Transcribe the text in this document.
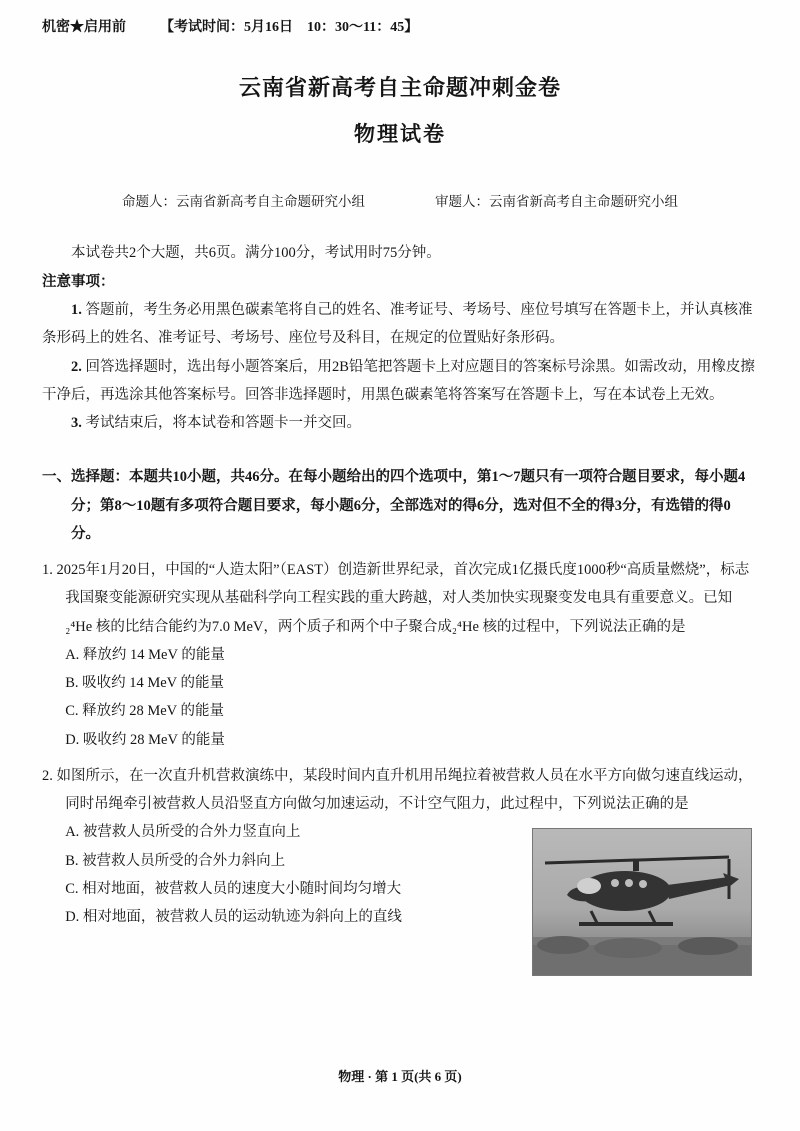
机密★启用前 【考试时间：5月16日　10：30～11：45】
云南省新高考自主命题冲刺金卷
物理试卷
命题人：云南省新高考自主命题研究小组	审题人：云南省新高考自主命题研究小组
本试卷共2个大题，共6页。满分100分，考试用时75分钟。
注意事项：
1. 答题前，考生务必用黑色碳素笔将自己的姓名、准考证号、考场号、座位号填写在答题卡上，并认真核准条形码上的姓名、准考证号、考场号、座位号及科目，在规定的位置贴好条形码。
2. 回答选择题时，选出每小题答案后，用2B铅笔把答题卡上对应题目的答案标号涂黑。如需改动，用橡皮擦干净后，再选涂其他答案标号。回答非选择题时，用黑色碳素笔将答案写在答题卡上，写在本试卷上无效。
3. 考试结束后，将本试卷和答题卡一并交回。
一、选择题：本题共10小题，共46分。在每小题给出的四个选项中，第1～7题只有一项符合题目要求，每小题4分；第8～10题有多项符合题目要求，每小题6分，全部选对的得6分，选对但不全的得3分，有选错的得0分。
1. 2025年1月20日，中国的“人造太阳”（EAST）创造新世界纪录，首次完成1亿摄氏度1000秒“高质量燃烧”，标志我国聚变能源研究实现从基础科学向工程实践的重大跨越，对人类加快实现聚变发电具有重要意义。已知₂⁴He 核的比结合能约为7.0 MeV，两个质子和两个中子聚合成₂⁴He 核的过程中，下列说法正确的是
A. 释放约 14 MeV 的能量
B. 吸收约 14 MeV 的能量
C. 释放约 28 MeV 的能量
D. 吸收约 28 MeV 的能量
2. 如图所示，在一次直升机营救演练中，某段时间内直升机用吊绳拉着被营救人员在水平方向做匀速直线运动，同时吊绳牵引被营救人员沿竖直方向做匀加速运动，不计空气阻力，此过程中，下列说法正确的是
A. 被营救人员所受的合外力竖直向上
B. 被营救人员所受的合外力斜向上
C. 相对地面，被营救人员的速度大小随时间均匀增大
D. 相对地面，被营救人员的运动轨迹为斜向上的直线
物理 · 第 1 页(共 6 页)
